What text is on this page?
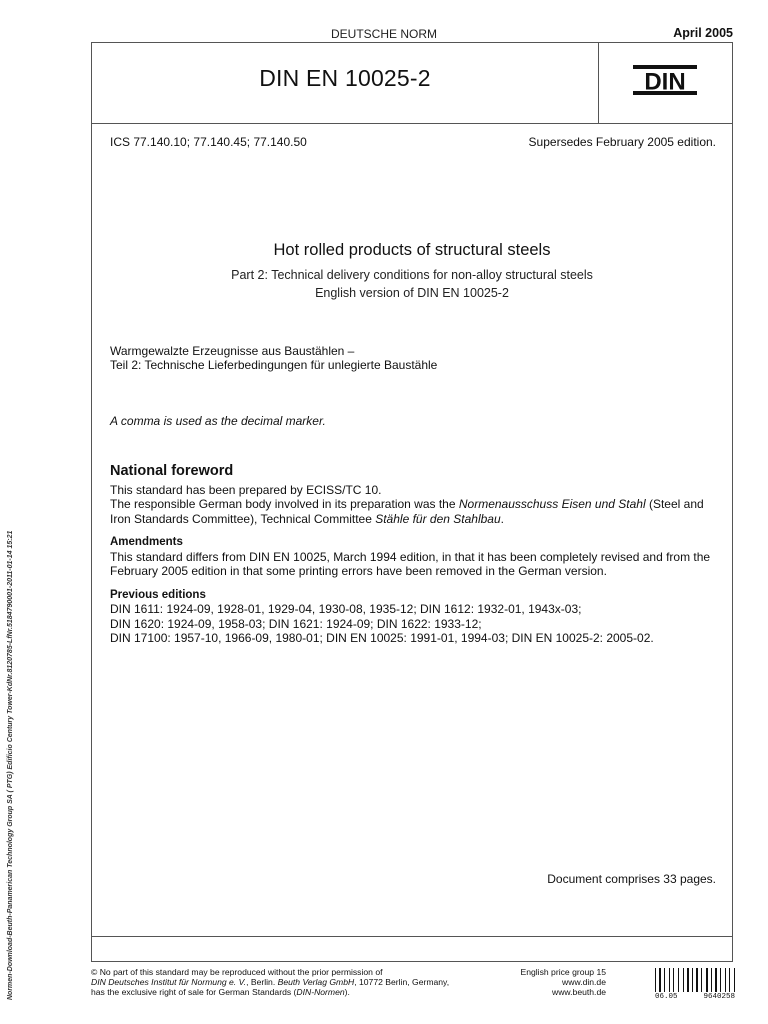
DEUTSCHE NORM	April 2005
DIN EN 10025-2	DIN
ICS 77.140.10; 77.140.45; 77.140.50	Supersedes February 2005 edition.
Hot rolled products of structural steels
Part 2: Technical delivery conditions for non-alloy structural steels
English version of DIN EN 10025-2
Warmgewalzte Erzeugnisse aus Baustählen –
Teil 2: Technische Lieferbedingungen für unlegierte Baustähle
A comma is used as the decimal marker.
National foreword

This standard has been prepared by ECISS/TC 10.

The responsible German body involved in its preparation was the Normenausschuss Eisen und Stahl (Steel and Iron Standards Committee), Technical Committee Stähle für den Stahlbau.

Amendments

This standard differs from DIN EN 10025, March 1994 edition, in that it has been completely revised and from the February 2005 edition in that some printing errors have been removed in the German version.

Previous editions

DIN 1611: 1924-09, 1928-01, 1929-04, 1930-08, 1935-12; DIN 1612: 1932-01, 1943x-03;

DIN 1620: 1924-09, 1958-03; DIN 1621: 1924-09; DIN 1622: 1933-12;

DIN 17100: 1957-10, 1966-09, 1980-01; DIN EN 10025: 1991-01, 1994-03; DIN EN 10025-2: 2005-02.

Document comprises 33 pages.
© No part of this standard may be reproduced without the prior permission of
DIN Deutsches Institut für Normung e. V., Berlin. Beuth Verlag GmbH, 10772 Berlin, Germany,
has the exclusive right of sale for German Standards (DIN-Normen).
English price group 15
www.din.de
www.beuth.de	06.05	9640258
Normen-Download-Beuth-Panamerican Technology Group SA ( PTG) Edificio Century Tower-KdNr.8120785-LfNr.5184790001-2011-01-14 15:21
